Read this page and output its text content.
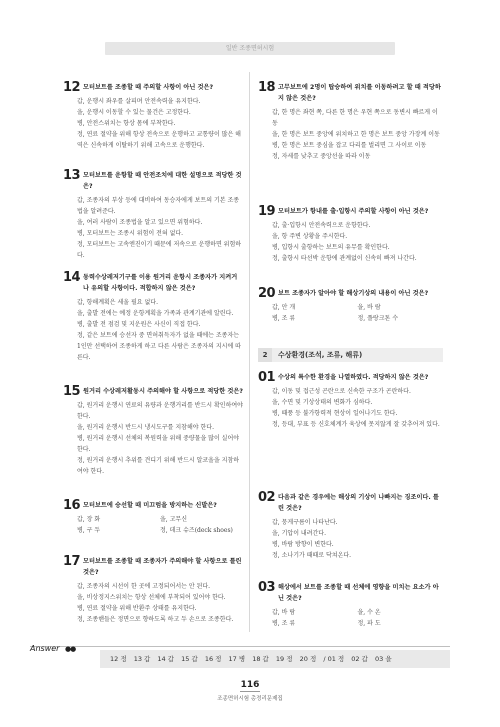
일반 조종면허시험
12 모터보트를 조종할 때 주의할 사항이 아닌 것은?
갑, 운행시 좌우를 살피며 안전속력을 유지한다.
을, 운행시 이동할 수 있는 물건은 고정한다.
병, 안전스위치는 항상 몸에 부착한다.
정, 연료 절약을 위해 항상 전속으로 운행하고 교통량이 많은 해역은 신속하게 이탈하기 위해 고속으로 운행한다.
13 모터보트를 운항할 때 안전조치에 대한 설명으로 적당한 것은?
갑, 조종자의 부상 등에 대비하여 동승자에게 보트의 기본 조종법을 알려준다.
을, 여러 사람이 조종법을 알고 있으면 위험하다.
병, 모터보트는 조종시 위험이 전혀 없다.
정, 모터보트는 고속엔진이기 때문에 저속으로 운행하면 위험하다.
14 동력수상레저기구를 이용 원거리 운항시 조종자가 지켜거나 유의할 사항이다. 적합하지 않은 것은?
갑, 항해계획은 세울 필요 없다.
을, 출발 전에는 예정 운항계획을 가족과 관계기관에 알린다.
병, 출발 전 점검 및 지운원은 사신이 직접 한다.
정, 같은 보트에 승선자 중 면허취득자가 없을 때에는 조종자는 1인만 선택하여 조종하게 하고 다른 사람은 조종자의 지시에 따른다.
15 원거리 수상레저활동시 주의해야 할 사항으로 적당한 것은?
갑, 원거리 운행시 연료의 유량과 운행거리를 반드시 확인하여야 한다.
을, 원거리 운행시 반드시 냉시도구를 지참해야 한다.
병, 원거리 운행시 선체의 복원력을 위해 중량물을 많이 실어야 한다.
정, 원거리 운행시 추위를 견디기 위해 반드시 알코올을 지참하여야 한다.
16 모터보트에 승선할 때 미끄럼을 방지하는 신발은?
갑, 장 화	을, 고무신
병, 구 두	정, 데크 슈즈(deck shoes)
17 모터보트를 조종할 때 조종자가 주의해야 할 사항으로 틀린 것은?
갑, 조종자의 시선이 한 곳에 고정되어서는 안 된다.
을, 비상정지스위치는 항상 선체에 부착되어 있어야 한다.
병, 연료 절약을 위해 반환주 상태를 유지한다.
정, 조종핸들은 정면으로 향하도록 하고 두 손으로 조종한다.
18 고무보트에 2명이 탑승하여 위치를 이동하려고 할 때 적당하지 않은 것은?
갑, 한 명은 좌현 쪽, 다른 한 명은 우현 쪽으로 동변시 빠르게 이동
을, 한 명은 보트 중앙에 위치하고 한 명은 보트 중앙 가장계 이동
병, 한 명은 보트 중심을 잡고 다리를 벌리면 그 사이로 이동
정, 자세를 낮추고 중앙선을 따라 이동
19 모터보트가 항내를 출·입항시 주의할 사항이 아닌 것은?
갑, 출·입항시 안전속력으로 운항한다.
을, 항 주변 상황을 주시한다.
병, 입항시 출항하는 보트의 유무를 확인한다.
정, 출항시 타선박 운항에 관계없이 신속히 빠져 나간다.
20 보트 조종자가 알아야 할 해상기상의 내용이 아닌 것은?
갑, 안 개	을, 바 람
병, 조 류	정, 플랑크톤 수
2	수상환경(조석, 조류, 해류)
01 수상의 특수한 환경을 나열하였다. 적당하지 않은 것은?
갑, 이동 및 접근성 곤란으로 신속한 구조가 곤란하다.
을, 수면 및 기상상태의 변화가 심하다.
병, 때풍 등 불가항력적 현상이 일어나기도 한다.
정, 등대, 부표 등 신호체계가 육상에 못지않게 잘 갖추어져 있다.
02 다음과 같은 경우에는 해상의 기상이 나빠지는 징조이다. 틀린 것은?
갑, 뭉게구름이 나타난다.
을, 기압이 내려간다.
병, 바람 방향이 변한다.
정, 소나기가 때때로 닥쳐온다.
03 해상에서 보트를 조종할 때 선체에 영향을 미치는 요소가 아닌 것은?
갑, 바 람	을, 수 온
병, 조 류	정, 파 도
Answer ●●
12 정 13 갑 14 갑 15 갑 16 정 17 병 18 갑 19 정 20 정 / 01 정 02 갑 03 을
116
조종면허시험 총정리문제집
